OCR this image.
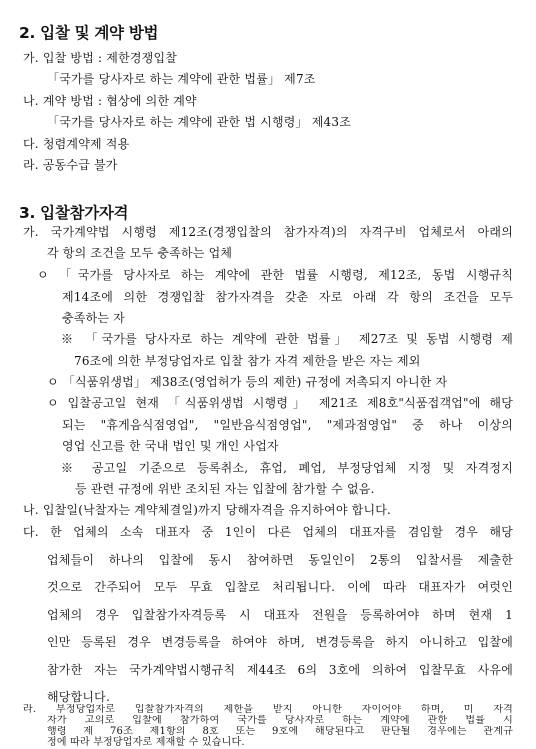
2. 입찰 및 계약 방법
가. 입찰 방법 : 제한경쟁입찰
「국가를 당사자로 하는 계약에 관한 법률」 제7조
나. 계약 방법 : 협상에 의한 계약
「국가를 당사자로 하는 계약에 관한 법 시행령」 제43조
다. 청렴계약제 적용
라. 공동수급 불가
3. 입찰참가자격
가. 국가계약법 시행령 제12조(경쟁입찰의 참가자격)의 자격구비 업체로서 아래의
각 항의 조건을 모두 충족하는 업체
ㅇ 「국가를 당사자로 하는 계약에 관한 법률 시행령, 제12조, 동법 시행규칙
제14조에 의한 경쟁입찰 참가자격을 갖춘 자로 아래 각 항의 조건을 모두
충족하는 자
※ 「국가를 당사자로 하는 계약에 관한 법률」 제27조 및 동법 시행령 제
76조에 의한 부정당업자로 입찰 참가 자격 제한을 받은 자는 제외
ㅇ 「식품위생법」 제38조(영업허가 등의 제한) 규정에 저촉되지 아니한 자
ㅇ 입찰공고일 현재 「식품위생법 시행령」 제21조 제8호"식품접객업"에 해당
되는 "휴게음식점영업", "일반음식점영업", "제과점영업" 중 하나 이상의
영업 신고를 한 국내 법인 및 개인 사업자
※ 공고일 기준으로 등록취소, 휴업, 폐업, 부정당업체 지정 및 자격정지
등 관련 규정에 위반 조치된 자는 입찰에 참가할 수 없음.
나. 입찰일(낙찰자는 계약체결일)까지 당해자격을 유지하여야 합니다.
다. 한 업체의 소속 대표자 중 1인이 다른 업체의 대표자를 겸임할 경우 해당
업체들이 하나의 입찰에 동시 참여하면 동일인이 2통의 입찰서를 제출한
것으로 간주되어 모두 무효 입찰로 처리됩니다. 이에 따라 대표자가 여럿인
업체의 경우 입찰참가자격등록 시 대표자 전원을 등록하여야 하며 현재 1
인만 등록된 경우 변경등록을 하여야 하며, 변경등록을 하지 아니하고 입찰에
참가한 자는 국가계약법시행규칙 제44조 6의 3호에 의하여 입찰무효 사유에
해당합니다.
라. 부정당업자로 입찰참가자격의 제한을 받지 아니한 자이어야 하며, 미 자격
자가 고의로 입찰에 참가하여 국가를 당사자로 하는 계약에 관한 법률 시
행령 제 76조 제1항의 8호 또는 9호에 해당된다고 판단될 경우에는 관계규
정에 따라 부정당업자로 제재할 수 있습니다.
